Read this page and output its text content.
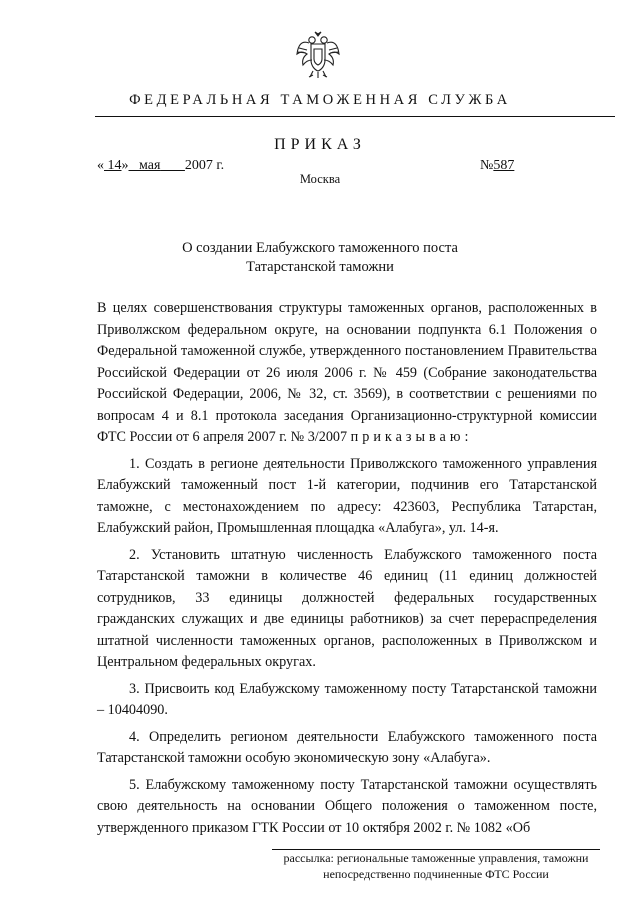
ФЕДЕРАЛЬНАЯ ТАМОЖЕННАЯ СЛУЖБА
ПРИКАЗ
« 14» мая 2007 г.	№587
Москва
О создании Елабужского таможенного поста
Татарстанской таможни

В целях совершенствования структуры таможенных органов, расположенных в Приволжском федеральном округе, на основании подпункта 6.1 Положения о Федеральной таможенной службе, утвержденного постановлением Правительства Российской Федерации от 26 июля 2006 г. № 459 (Собрание законодательства Российской Федерации, 2006, № 32, ст. 3569), в соответствии с решениями по вопросам 4 и 8.1 протокола заседания Организационно-структурной комиссии ФТС России от 6 апреля 2007 г. № 3/2007 приказываю:

1. Создать в регионе деятельности Приволжского таможенного управления Елабужский таможенный пост 1-й категории, подчинив его Татарстанской таможне, с местонахождением по адресу: 423603, Республика Татарстан, Елабужский район, Промышленная площадка «Алабуга», ул. 14-я.

2. Установить штатную численность Елабужского таможенного поста Татарстанской таможни в количестве 46 единиц (11 единиц должностей сотрудников, 33 единицы должностей федеральных государственных гражданских служащих и две единицы работников) за счет перераспределения штатной численности таможенных органов, расположенных в Приволжском и Центральном федеральных округах.

3. Присвоить код Елабужскому таможенному посту Татарстанской таможни – 10404090.

4. Определить регионом деятельности Елабужского таможенного поста Татарстанской таможни особую экономическую зону «Алабуга».

5. Елабужскому таможенному посту Татарстанской таможни осуществлять свою деятельность на основании Общего положения о таможенном посте, утвержденного приказом ГТК России от 10 октября 2002 г. № 1082 «Об

рассылка: региональные таможенные управления, таможни
непосредственно подчиненные ФТС России
